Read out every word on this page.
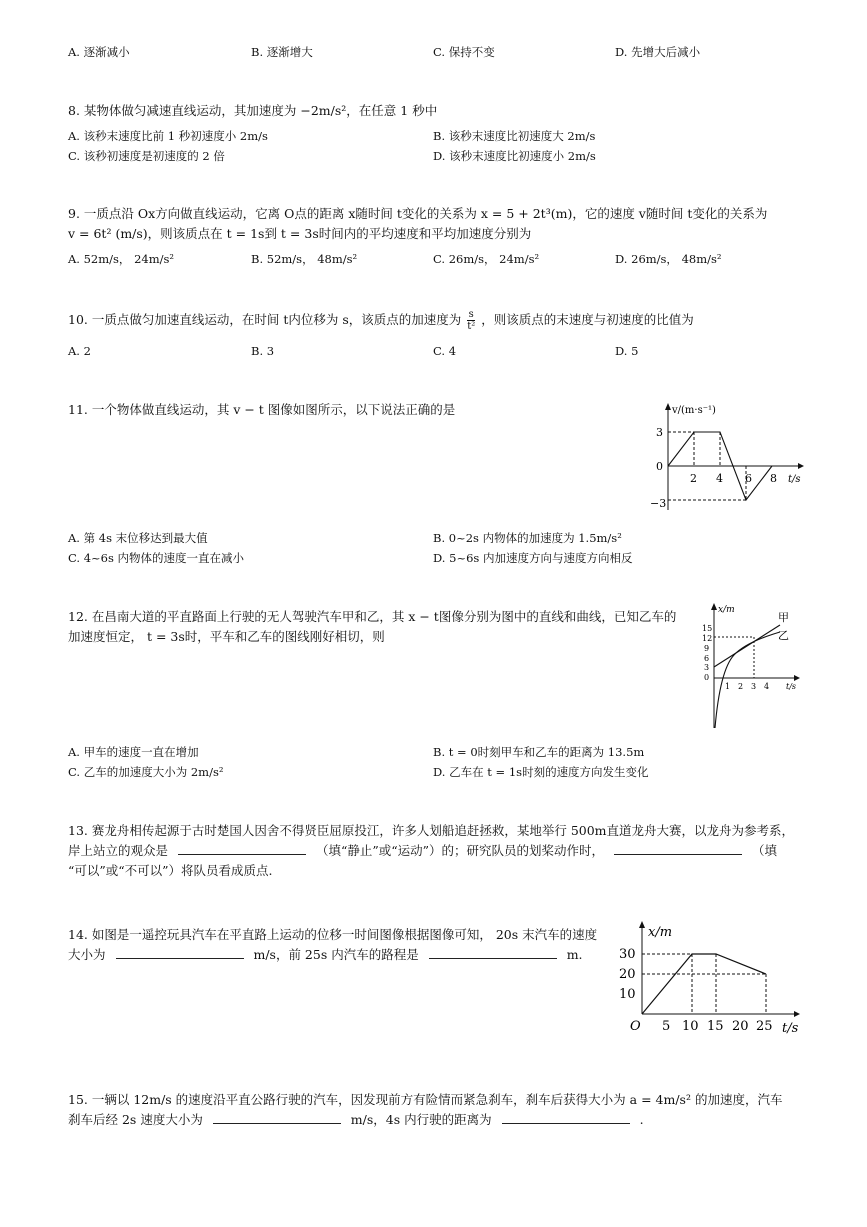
A. 逐渐减小	B. 逐渐增大	C. 保持不变	D. 先增大后减小
8. 某物体做匀减速直线运动，其加速度为 −2m/s²，在任意 1 秒中
A. 该秒末速度比前 1 秒初速度小 2m/s	B. 该秒末速度比初速度大 2m/s
C. 该秒初速度是初速度的 2 倍	D. 该秒末速度比初速度小 2m/s
9. 一质点沿 Ox方向做直线运动，它离 O点的距离 x随时间 t变化的关系为 x = 5 + 2t³(m)，它的速度 v随时间 t变化的关系为
v = 6t² (m/s)，则该质点在 t = 1s到 t = 3s时间内的平均速度和平均加速度分别为
A. 52m/s， 24m/s²	B. 52m/s， 48m/s²	C. 26m/s， 24m/s²	D. 26m/s， 48m/s²
10. 一质点做匀加速直线运动，在时间 t内位移为 s，该质点的加速度为 $\frac{s}{\text{t²}}$ ，则该质点的末速度与初速度的比值为
A. 2	B. 3	C. 4	D. 5
11. 一个物体做直线运动，其 v − t 图像如图所示，以下说法正确的是	v/(m·s⁻¹)
t/s
3
0
−3
2 4 6 8
A. 第 4s 末位移达到最大值	B. 0~2s 内物体的加速度为 1.5m/s²
C. 4~6s 内物体的速度一直在减小	D. 5~6s 内加速度方向与速度方向相反
12. 在昌南大道的平直路面上行驶的无人驾驶汽车甲和乙，其 x − t图像分别为图中的直线和曲线，已知乙车的
加速度恒定， t = 3s时，平车和乙车的图线刚好相切，则
x/m
t/s
甲
乙
15
12
9
6
3
0
1 2 3 4
A. 甲车的速度一直在增加	B. t = 0时刻甲车和乙车的距离为 13.5m
C. 乙车的加速度大小为 2m/s²	D. 乙车在 t = 1s时刻的速度方向发生变化
13. 赛龙舟相传起源于古时楚国人因舍不得贤臣屈原投江，许多人划船追赶拯救，某地举行 500m直道龙舟大赛，以龙舟为参考系，
岸上站立的观众是	（填“静止”或“运动”）的；研究队员的划桨动作时，	（填
“可以”或“不可以”）将队员看成质点.
14. 如图是一遥控玩具汽车在平直路上运动的位移一时间图像根据图像可知， 20s 末汽车的速度
大小为	m/s，前 25s 内汽车的路程是	m.
x/m
t/s
O
30
20
10
5 10 15 20 25
15. 一辆以 12m/s 的速度沿平直公路行驶的汽车，因发现前方有险情而紧急刹车，刹车后获得大小为 a = 4m/s² 的加速度，汽车
刹车后经 2s 速度大小为	m/s，4s 内行驶的距离为	.
